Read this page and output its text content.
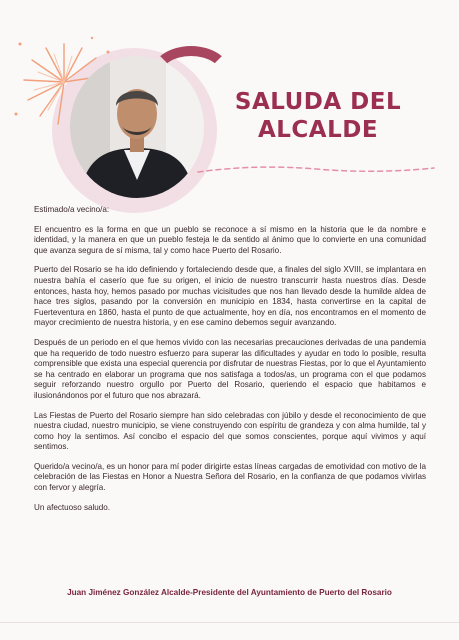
SALUDA DEL
ALCALDE

Estimado/a vecino/a:

El encuentro es la forma en que un pueblo se reconoce a sí mismo en la historia que le da nombre e identidad, y la manera en que un pueblo festeja le da sentido al ánimo que lo convierte en una comunidad que avanza segura de sí misma, tal y como hace Puerto del Rosario.

Puerto del Rosario se ha ido definiendo y fortaleciendo desde que, a finales del siglo XVIII, se implantara en nuestra bahía el caserío que fue su origen, el inicio de nuestro transcurrir hasta nuestros días. Desde entonces, hasta hoy, hemos pasado por muchas vicisitudes que nos han llevado desde la humilde aldea de hace tres siglos, pasando por la conversión en municipio en 1834, hasta convertirse en la capital de Fuerteventura en 1860, hasta el punto de que actualmente, hoy en día, nos encontramos en el momento de mayor crecimiento de nuestra historia, y en ese camino debemos seguir avanzando.

Después de un periodo en el que hemos vivido con las necesarias precauciones derivadas de una pandemia que ha requerido de todo nuestro esfuerzo para superar las dificultades y ayudar en todo lo posible, resulta comprensible que exista una especial querencia por disfrutar de nuestras Fiestas, por lo que el Ayuntamiento se ha centrado en elaborar un programa que nos satisfaga a todos/as, un programa con el que podamos seguir reforzando nuestro orgullo por Puerto del Rosario, queriendo el espacio que habitamos e ilusionándonos por el futuro que nos abrazará.

Las Fiestas de Puerto del Rosario siempre han sido celebradas con júbilo y desde el reconocimiento de que nuestra ciudad, nuestro municipio, se viene construyendo con espíritu de grandeza y con alma humilde, tal y como hoy la sentimos. Así concibo el espacio del que somos conscientes, porque aquí vivimos y aquí sentimos.

Querido/a vecino/a, es un honor para mí poder dirigirte estas líneas cargadas de emotividad con motivo de la celebración de las Fiestas en Honor a Nuestra Señora del Rosario, en la confianza de que podamos vivirlas con fervor y alegría.

Un afectuoso saludo.

Juan Jiménez González Alcalde-Presidente del Ayuntamiento de Puerto del Rosario
